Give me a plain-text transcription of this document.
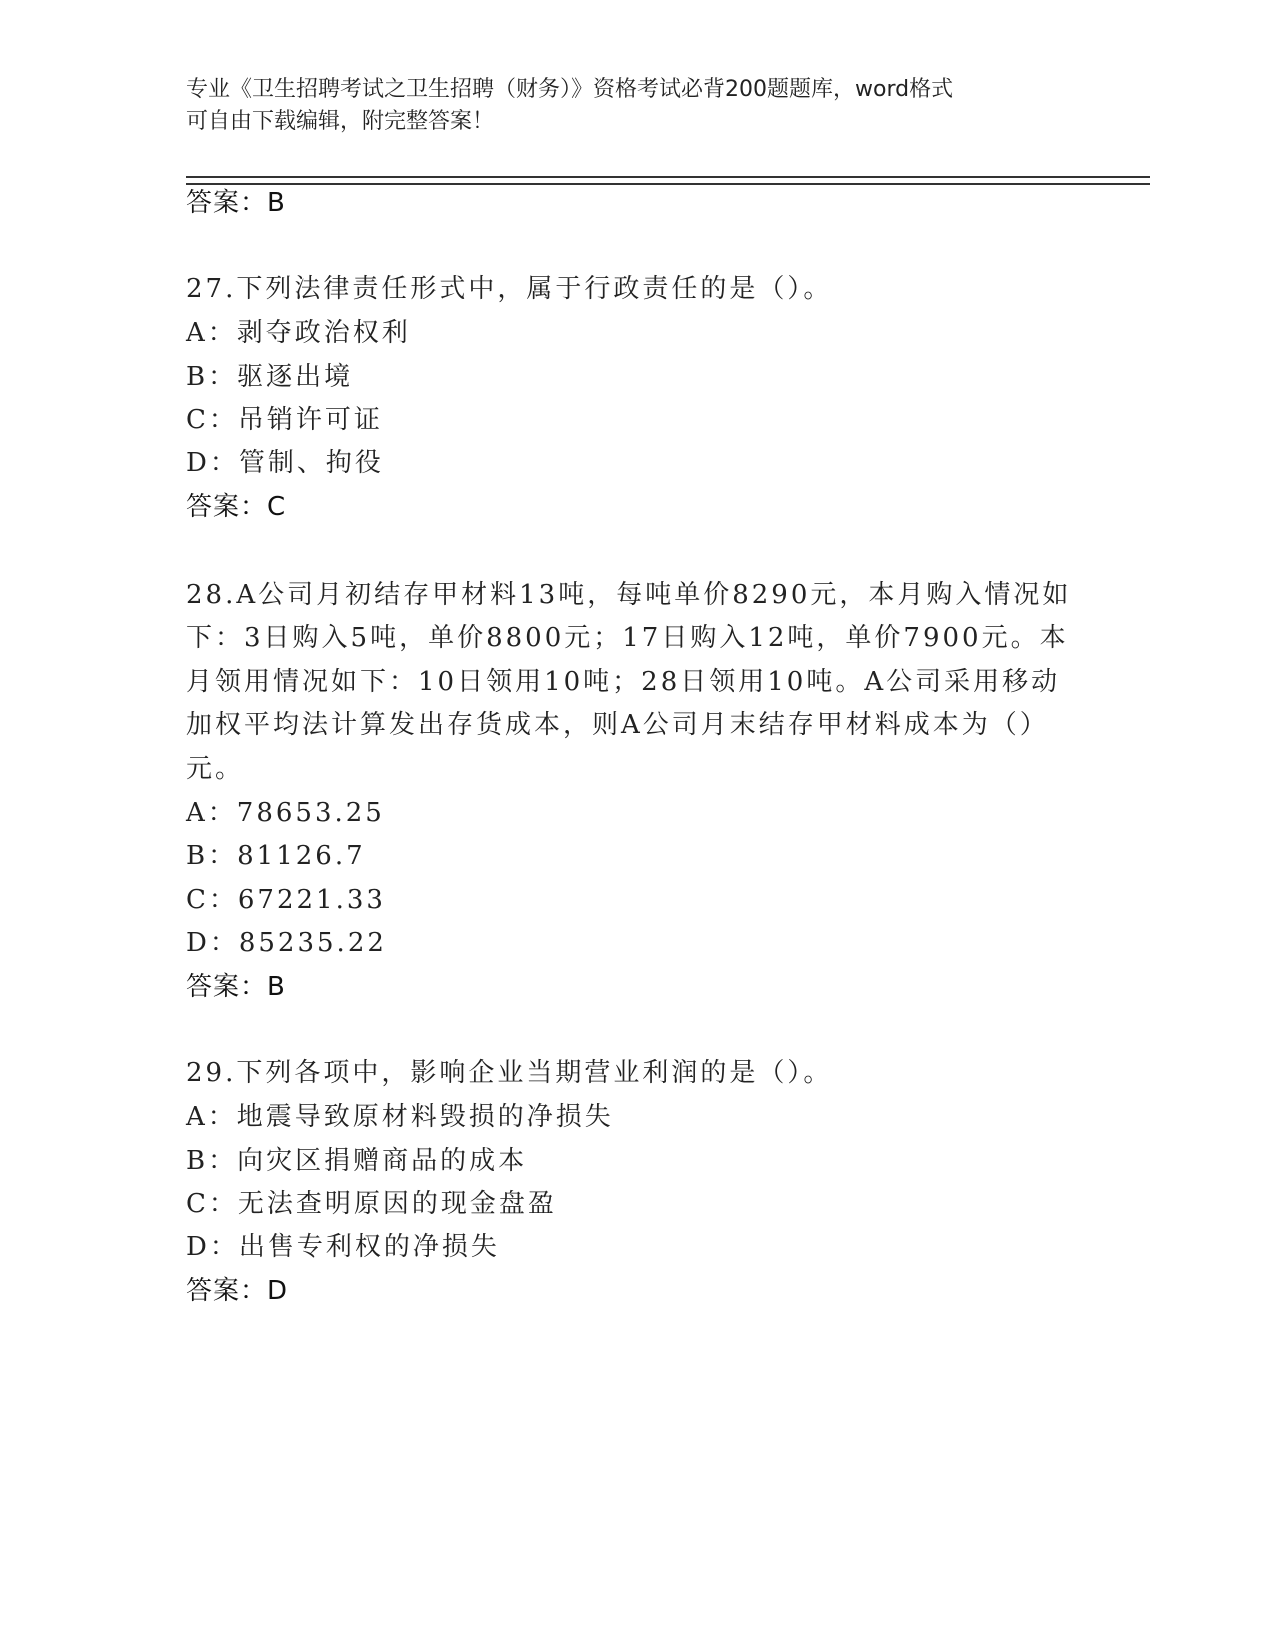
专业《卫生招聘考试之卫生招聘（财务）》资格考试必背200题题库，word格式
可自由下载编辑，附完整答案！
答案：B
27.下列法律责任形式中，属于行政责任的是（）。
A：剥夺政治权利
B：驱逐出境
C：吊销许可证
D：管制、拘役
答案：C
28.A公司月初结存甲材料13吨，每吨单价8290元，本月购入情况如
下：3日购入5吨，单价8800元；17日购入12吨，单价7900元。本
月领用情况如下：10日领用10吨；28日领用10吨。A公司采用移动
加权平均法计算发出存货成本，则A公司月末结存甲材料成本为（）
元。
A：78653.25
B：81126.7
C：67221.33
D：85235.22
答案：B
29.下列各项中，影响企业当期营业利润的是（）。
A：地震导致原材料毁损的净损失
B：向灾区捐赠商品的成本
C：无法查明原因的现金盘盈
D：出售专利权的净损失
答案：D
